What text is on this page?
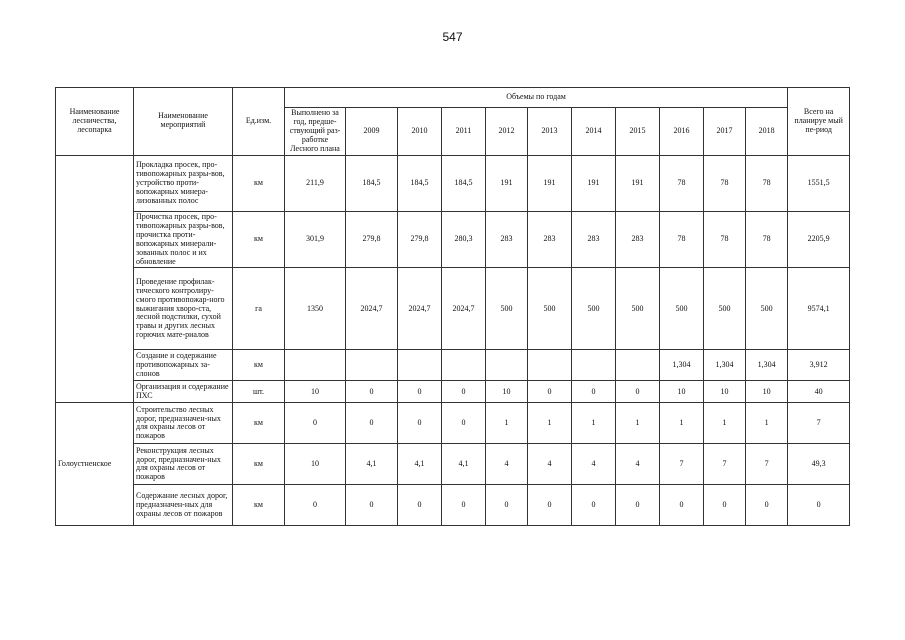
547
Наименование лесничества, лесопарка	Наименование мероприятий	Ед.изм.	Объемы по годам											Всего на планируе мый пе-риод
			Выполнено за год, предше-ствующий раз-работке Лесного плана	2009	2010	2011	2012	2013	2014	2015	2016	2017	2018	
	Прокладка просек, про-тивопожарных разры-вов, устройство проти-вопожарных минера-лизованных полос	км	211,9	184,5	184,5	184,5	191	191	191	191	78	78	78	1551,5
	Прочистка просек, про-тивопожарных разры-вов, прочистка проти-вопожарных минерали-зованных полос и их обновление	км	301,9	279,8	279,8	280,3	283	283	283	283	78	78	78	2205,9
	Проведение профилак-тического контролиру-смого противопожар-ного выжигания хворо-ста, лесной подстилки, сухой травы и других лесных горючих мате-риалов	га	1350	2024,7	2024,7	2024,7	500	500	500	500	500	500	500	9574,1
	Создание и содержание противопожарных за-слонов	км									1,304	1,304	1,304	3,912
	Организация и содержание ПХС	шт.	10	0	0	0	10	0	0	0	10	10	10	40
Голоустненское	Строительство лесных дорог, предназначен-ных для охраны лесов от пожаров	км	0	0	0	0	1	1	1	1	1	1	1	7
	Реконструкция лесных дорог, предназначен-ных для охраны лесов от пожаров	км	10	4,1	4,1	4,1	4	4	4	4	7	7	7	49,3
	Содержание лесных дорог, предназначен-ных для охраны лесов от пожаров	км	0	0	0	0	0	0	0	0	0	0	0	0
